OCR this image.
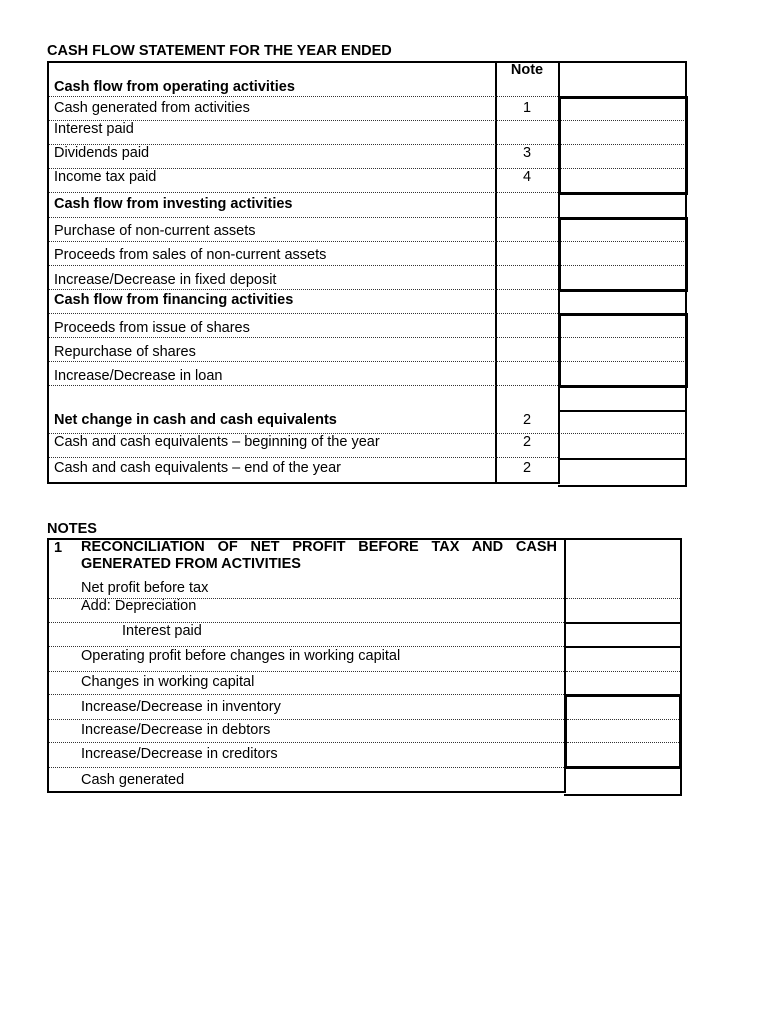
CASH FLOW STATEMENT FOR THE YEAR ENDED
Note
Cash flow from operating activities
Cash generated from activities	1
Interest paid
Dividends paid	3
Income tax paid	4
Cash flow from investing activities
Purchase of non-current assets
Proceeds from sales of non-current assets
Increase/Decrease in fixed deposit
Cash flow from financing activities
Proceeds from issue of shares
Repurchase of shares
Increase/Decrease in loan
Net change in cash and cash equivalents	2
Cash and cash equivalents – beginning of the year	2
Cash and cash equivalents – end of the year	2
NOTES
1 RECONCILIATION OF NET PROFIT BEFORE TAX AND CASH
GENERATED FROM ACTIVITIES
Net profit before tax
Add: Depreciation
Interest paid
Operating profit before changes in working capital
Changes in working capital
Increase/Decrease in inventory
Increase/Decrease in debtors
Increase/Decrease in creditors
Cash generated
